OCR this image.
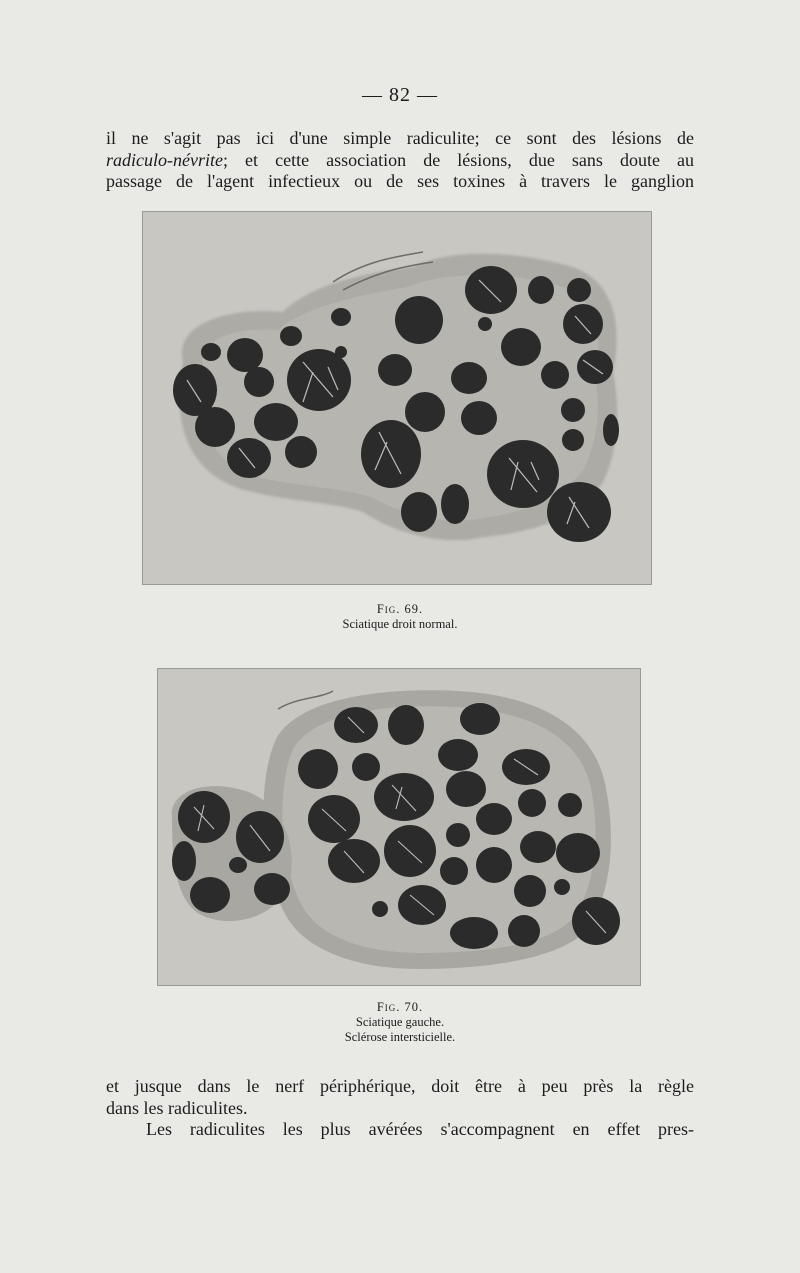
— 82 —
il ne s'agit pas ici d'une simple radiculite; ce sont des lésions de
radiculo-névrite; et cette association de lésions, due sans doute au
passage de l'agent infectieux ou de ses toxines à travers le ganglion
Fig. 69.
Sciatique droit normal.
Fig. 70.
Sciatique gauche.
Sclérose intersticielle.
et jusque dans le nerf périphérique, doit être à peu près la règle
dans les radiculites.
Les radiculites les plus avérées s'accompagnent en effet pres-
